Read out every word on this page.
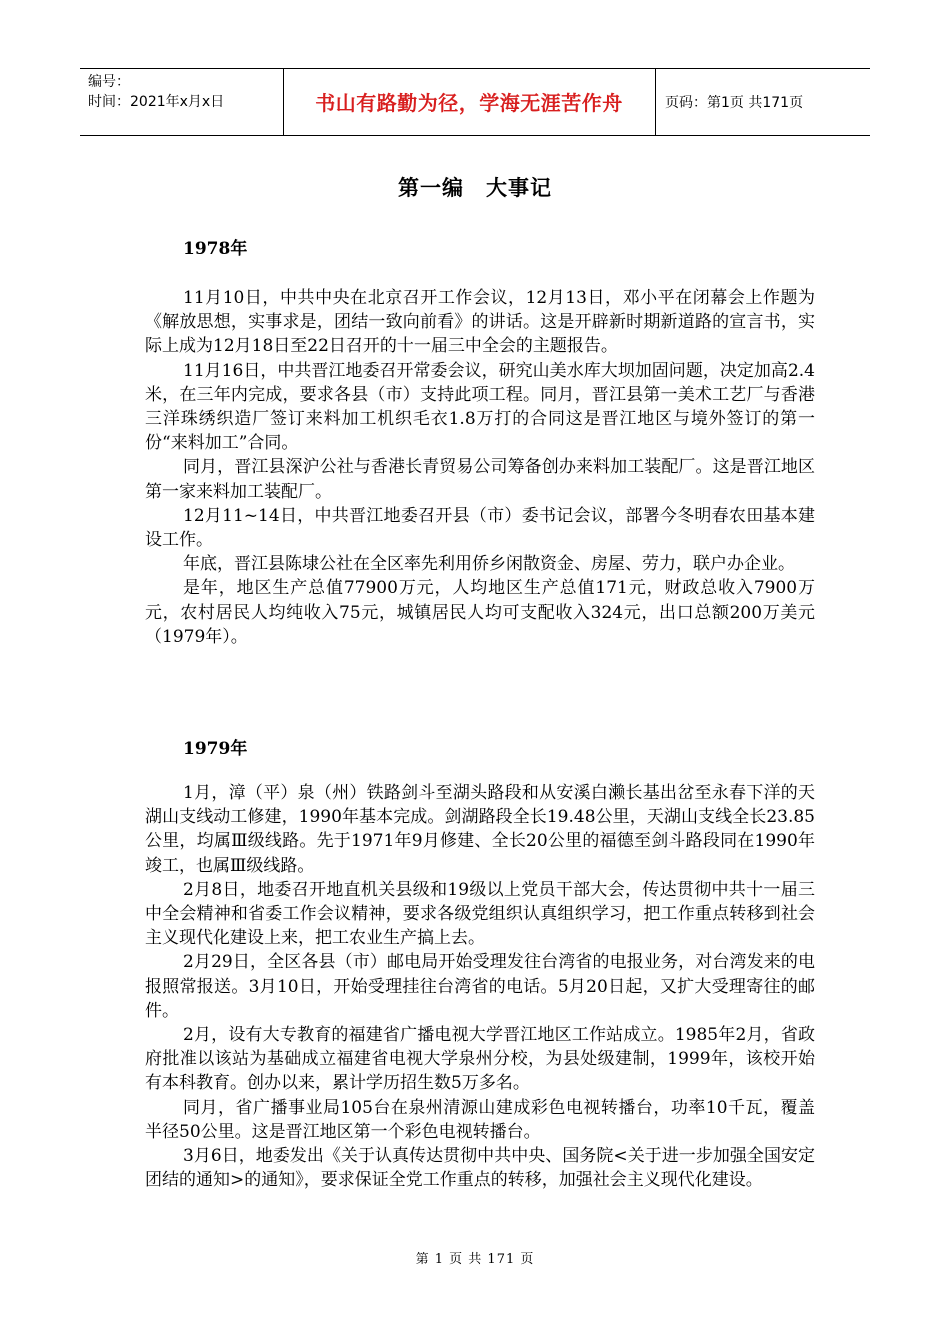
编号：
时间：2021年x月x日	书山有路勤为径，学海无涯苦作舟	页码：第1页 共171页
第一编　大事记
1978年

11月10日，中共中央在北京召开工作会议，12月13日，邓小平在闭幕会上作题为《解放思想，实事求是，团结一致向前看》的讲话。这是开辟新时期新道路的宣言书，实际上成为12月18日至22日召开的十一届三中全会的主题报告。

11月16日，中共晋江地委召开常委会议，研究山美水库大坝加固问题，决定加高2.4米，在三年内完成，要求各县（市）支持此项工程。同月，晋江县第一美术工艺厂与香港三洋珠绣织造厂签订来料加工机织毛衣1.8万打的合同这是晋江地区与境外签订的第一份“来料加工”合同。

同月，晋江县深沪公社与香港长青贸易公司筹备创办来料加工装配厂。这是晋江地区第一家来料加工装配厂。

12月11~14日，中共晋江地委召开县（市）委书记会议，部署今冬明春农田基本建设工作。

年底，晋江县陈埭公社在全区率先利用侨乡闲散资金、房屋、劳力，联户办企业。

是年，地区生产总值77900万元，人均地区生产总值171元，财政总收入7900万元，农村居民人均纯收入75元，城镇居民人均可支配收入324元，出口总额200万美元（1979年）。

1979年

1月，漳（平）泉（州）铁路剑斗至湖头路段和从安溪白濑长基出岔至永春下洋的天湖山支线动工修建，1990年基本完成。剑湖路段全长19.48公里，天湖山支线全长23.85公里，均属Ⅲ级线路。先于1971年9月修建、全长20公里的福德至剑斗路段同在1990年竣工，也属Ⅲ级线路。

2月8日，地委召开地直机关县级和19级以上党员干部大会，传达贯彻中共十一届三中全会精神和省委工作会议精神，要求各级党组织认真组织学习，把工作重点转移到社会主义现代化建设上来，把工农业生产搞上去。

2月29日，全区各县（市）邮电局开始受理发往台湾省的电报业务，对台湾发来的电报照常报送。3月10日，开始受理挂往台湾省的电话。5月20日起，又扩大受理寄往的邮件。

2月，设有大专教育的福建省广播电视大学晋江地区工作站成立。1985年2月，省政府批准以该站为基础成立福建省电视大学泉州分校，为县处级建制，1999年，该校开始有本科教育。创办以来，累计学历招生数5万多名。

同月，省广播事业局105台在泉州清源山建成彩色电视转播台，功率10千瓦，覆盖半径50公里。这是晋江地区第一个彩色电视转播台。

3月6日，地委发出《关于认真传达贯彻中共中央、国务院<关于进一步加强全国安定团结的通知>的通知》，要求保证全党工作重点的转移，加强社会主义现代化建设。

第 1 页 共 171 页
